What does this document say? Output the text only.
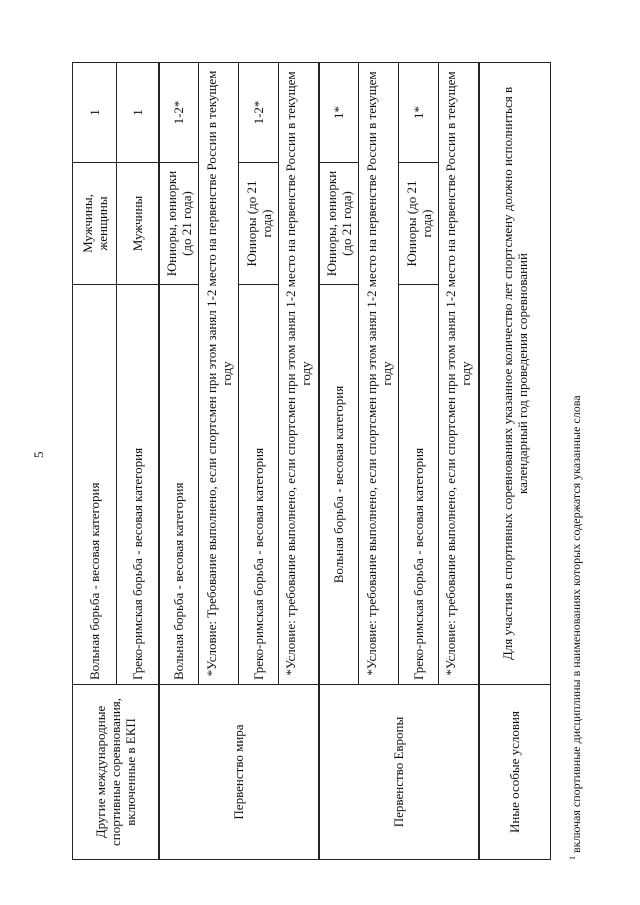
5
Другие международные спортивные соревнования, включенные в ЕКП	Вольная борьба - весовая категория	Мужчины, женщины	1
	Греко-римская борьба - весовая категория	Мужчины	1
Первенство мира	Вольная борьба - весовая категория	Юниоры, юниорки (до 21 года)	1-2*
	*Условие: Требование выполнено, если спортсмен при этом занял 1-2 место на первенстве России в текущем году		
	Греко-римская борьба - весовая категория	Юниоры (до 21 года)	1-2*
	*Условие: требование выполнено, если спортсмен при этом занял 1-2 место на первенстве России в текущем году		
Первенство Европы	Вольная борьба - весовая категория	Юниоры, юниорки (до 21 года)	1*
	*Условие: требование выполнено, если спортсмен при этом занял 1-2 место на первенстве России в текущем году		
	Греко-римская борьба - весовая категория	Юниоры (до 21 года)	1*
	*Условие: требование выполнено, если спортсмен при этом занял 1-2 место на первенстве России в текущем году		
Иные особые условия	Для участия в спортивных соревнованиях указанное количество лет спортсмену должно исполниться в календарный год проведения соревнований		
$^1$ включая спортивные дисциплины в наименованиях которых содержатся указанные слова
